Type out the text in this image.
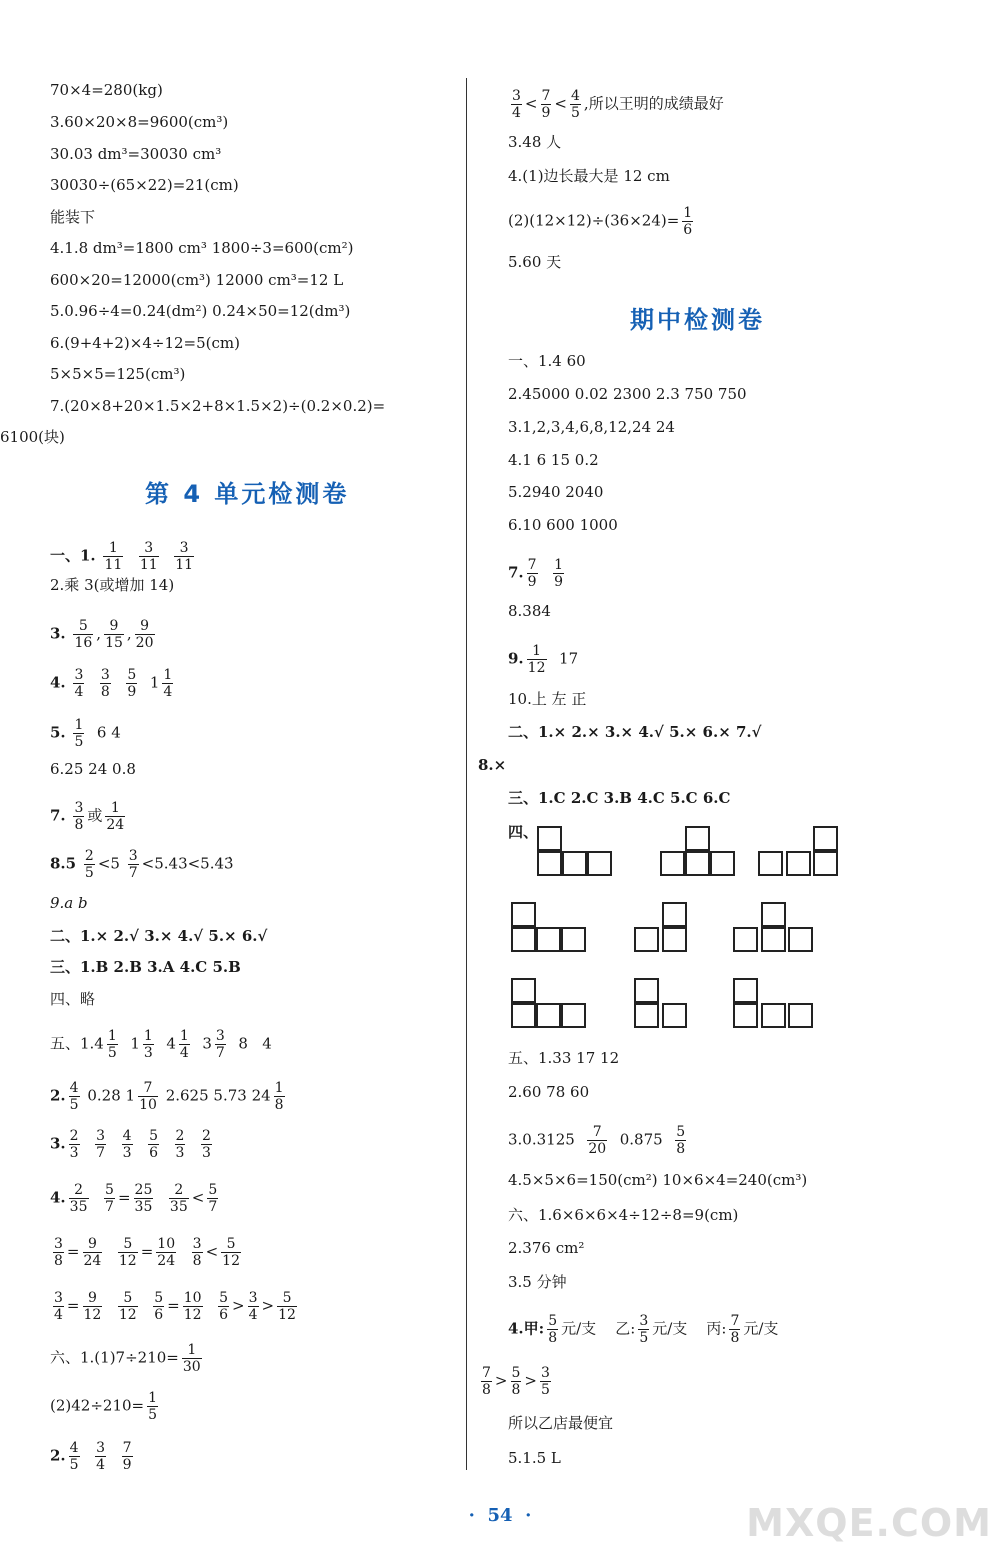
70×4=280(kg)
3.60×20×8=9600(cm³)
30.03 dm³=30030 cm³
30030÷(65×22)=21(cm)
能装下
4.1.8 dm³=1800 cm³ 1800÷3=600(cm²)
600×20=12000(cm³) 12000 cm³=12 L
5.0.96÷4=0.24(dm²) 0.24×50=12(dm³)
6.(9+4+2)×4÷12=5(cm)
5×5×5=125(cm³)
7.(20×8+20×1.5×2+8×1.5×2)÷(0.2×0.2)=
6100(块)
第 4 单元检测卷
一、1. $\frac{1}{11}$
$\frac{3}{11}$
$\frac{3}{11}$
2.乘 3(或增加 14)
3. $\frac{5}{16}$ , $\frac{9}{15}$ , $\frac{9}{20}$
4. $\frac{3}{4}$
$\frac{3}{8}$
$\frac{5}{9} 1 \frac{1}{4}$
5. $\frac{1}{5} 6$ 4
6.25 24 0.8
7. $\frac{3}{8}$ 或 $\frac{1}{24}$
$8.5 \frac{2}{5} <5 \frac{3}{7}$ <5.43<5.43̇
9.a b
二、1.× 2.√ 3.× 4.√ 5.× 6.√
三、1.B 2.B 3.A 4.C 5.B
四、略
五、$1.4 \frac{1}{5} 1 \frac{1}{3} 4 \frac{1}{4} 3 \frac{3}{7} 8$   4
2. $\frac{4}{5} 0.28$ $1 \frac{7}{10} 2.625$ 5.73 $24 \frac{1}{8}$
3. $\frac{2}{3}$
$\frac{3}{7}$
$\frac{4}{3}$
$\frac{5}{6}$
$\frac{2}{3}$
$\frac{2}{3}$
4. $\frac{2}{35}$
$\frac{5}{7} = \frac{25}{35}$
$\frac{2}{35} < \frac{5}{7}$
$\frac{3}{8} = \frac{9}{24}$
$\frac{5}{12} = \frac{10}{24}$
$\frac{3}{8} < \frac{5}{12}$
$\frac{3}{4} = \frac{9}{12}$
$\frac{5}{12}$
$\frac{5}{6} = \frac{10}{12}$
$\frac{5}{6} > \frac{3}{4} > \frac{5}{12}$
六、$1.(1)7\div 210= \frac{1}{30}$
$(2)42\div 210= \frac{1}{5}$
2. $\frac{4}{5}$
$\frac{3}{4}$
$\frac{7}{9}$
$\frac{3}{4} < \frac{7}{9} < \frac{4}{5}$ ,所以王明的成绩最好
3.48 人
4.(1)边长最大是 12 cm
$(2)(12\times 12)\div(36\times 24)= \frac{1}{6}$
5.60 天
期中检测卷
一、1.4 60
2.45000 0.02 2300 2.3 750 750
3.1,2,3,4,6,8,12,24 24
4.1 6 15 0.2
5.2940 2040
6.10 600 1000
7. $\frac{7}{9}$
$\frac{1}{9}$
8.384
9. $\frac{1}{12} 17$
10.上 左 正
二、1.× 2.× 3.× 4.√ 5.× 6.× 7.√
8.×
三、1.C 2.C 3.B 4.C 5.C 6.C
四、
五、1.33 17 12
2.60 78 60
$3.0.3125 \frac{7}{20} 0.875 \frac{5}{8}$
4.5×5×6=150(cm²) 10×6×4=240(cm³)
六、1.6×6×6×4÷12÷8=9(cm)
2.376 cm²
3.5 分钟
4.甲: $\frac{5}{8}$ 元/支 乙: $\frac{3}{5}$ 元/支 丙: $\frac{7}{8}$ 元/支
$\frac{7}{8} > \frac{5}{8} > \frac{3}{5}$
所以乙店最便宜
5.1.5 L
· 54 ·	MXQE.COM
